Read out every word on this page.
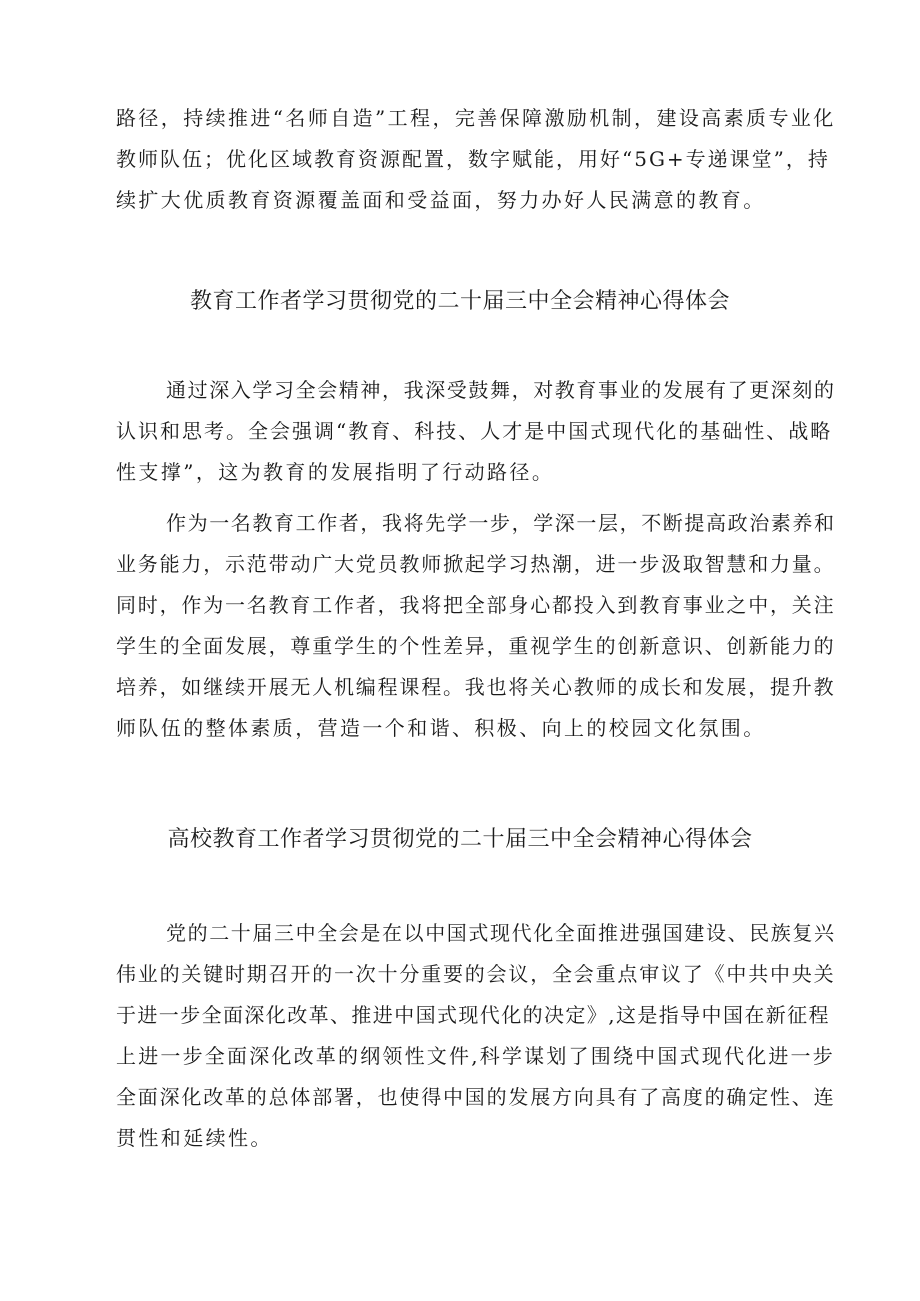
路径，持续推进“名师自造”工程，完善保障激励机制，建设高素质专业化
教师队伍；优化区域教育资源配置，数字赋能，用好“5G+专递课堂”，持
续扩大优质教育资源覆盖面和受益面，努力办好人民满意的教育。
教育工作者学习贯彻党的二十届三中全会精神心得体会
通过深入学习全会精神，我深受鼓舞，对教育事业的发展有了更深刻的
认识和思考。全会强调“教育、科技、人才是中国式现代化的基础性、战略
性支撑”，这为教育的发展指明了行动路径。
作为一名教育工作者，我将先学一步，学深一层，不断提高政治素养和
业务能力，示范带动广大党员教师掀起学习热潮，进一步汲取智慧和力量。
同时，作为一名教育工作者，我将把全部身心都投入到教育事业之中，关注
学生的全面发展，尊重学生的个性差异，重视学生的创新意识、创新能力的
培养，如继续开展无人机编程课程。我也将关心教师的成长和发展，提升教
师队伍的整体素质，营造一个和谐、积极、向上的校园文化氛围。
高校教育工作者学习贯彻党的二十届三中全会精神心得体会
党的二十届三中全会是在以中国式现代化全面推进强国建设、民族复兴
伟业的关键时期召开的一次十分重要的会议，全会重点审议了《中共中央关
于进一步全面深化改革、推进中国式现代化的决定》,这是指导中国在新征程
上进一步全面深化改革的纲领性文件,科学谋划了围绕中国式现代化进一步
全面深化改革的总体部署，也使得中国的发展方向具有了高度的确定性、连
贯性和延续性。
